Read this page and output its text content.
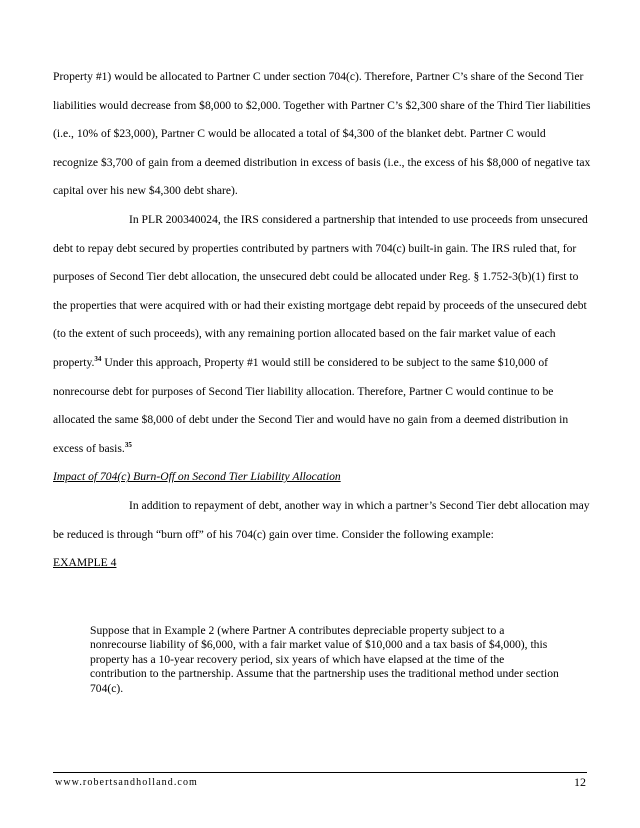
Property #1) would be allocated to Partner C under section 704(c). Therefore, Partner C’s share of the Second Tier liabilities would decrease from $8,000 to $2,000. Together with Partner C’s $2,300 share of the Third Tier liabilities (i.e., 10% of $23,000), Partner C would be allocated a total of $4,300 of the blanket debt. Partner C would recognize $3,700 of gain from a deemed distribution in excess of basis (i.e., the excess of his $8,000 of negative tax capital over his new $4,300 debt share).

In PLR 200340024, the IRS considered a partnership that intended to use proceeds from unsecured debt to repay debt secured by properties contributed by partners with 704(c) built-in gain. The IRS ruled that, for purposes of Second Tier debt allocation, the unsecured debt could be allocated under Reg. § 1.752-3(b)(1) first to the properties that were acquired with or had their existing mortgage debt repaid by proceeds of the unsecured debt (to the extent of such proceeds), with any remaining portion allocated based on the fair market value of each property.$^{34}$ Under this approach, Property #1 would still be considered to be subject to the same $10,000 of nonrecourse debt for purposes of Second Tier liability allocation. Therefore, Partner C would continue to be allocated the same $8,000 of debt under the Second Tier and would have no gain from a deemed distribution in excess of basis.$^{35}$

Impact of 704(c) Burn-Off on Second Tier Liability Allocation

In addition to repayment of debt, another way in which a partner’s Second Tier debt allocation may be reduced is through “burn off” of his 704(c) gain over time. Consider the following example:

EXAMPLE 4

Suppose that in Example 2 (where Partner A contributes depreciable property subject to a nonrecourse liability of $6,000, with a fair market value of $10,000 and a tax basis of $4,000), this property has a 10-year recovery period, six years of which have elapsed at the time of the contribution to the partnership. Assume that the partnership uses the traditional method under section 704(c).
www.robertsandholland.com	12
